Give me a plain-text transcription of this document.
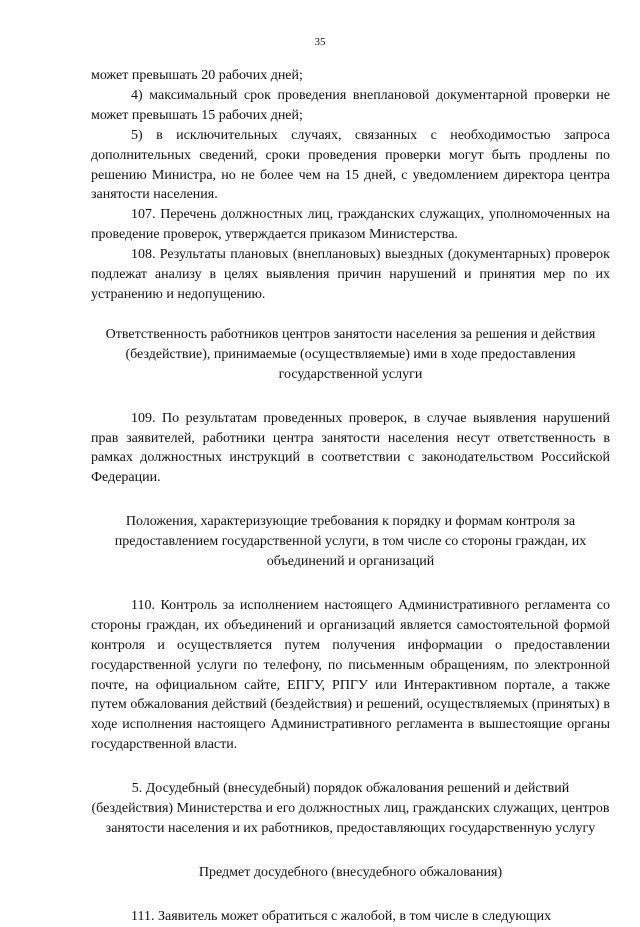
35

может превышать 20 рабочих дней;

4) максимальный срок проведения внеплановой документарной проверки не может превышать 15 рабочих дней;

5) в исключительных случаях, связанных с необходимостью запроса дополнительных сведений, сроки проведения проверки могут быть продлены по решению Министра, но не более чем на 15 дней, с уведомлением директора центра занятости населения.

107. Перечень должностных лиц, гражданских служащих, уполномоченных на проведение проверок, утверждается приказом Министерства.

108. Результаты плановых (внеплановых) выездных (документарных) проверок подлежат анализу в целях выявления причин нарушений и принятия мер по их устранению и недопущению.

Ответственность работников центров занятости населения за решения и действия (бездействие), принимаемые (осуществляемые) ими в ходе предоставления государственной услуги

109. По результатам проведенных проверок, в случае выявления нарушений прав заявителей, работники центра занятости населения несут ответственность в рамках должностных инструкций в соответствии с законодательством Российской Федерации.

Положения, характеризующие требования к порядку и формам контроля за предоставлением государственной услуги, в том числе со стороны граждан, их объединений и организаций

110. Контроль за исполнением настоящего Административного регламента со стороны граждан, их объединений и организаций является самостоятельной формой контроля и осуществляется путем получения информации о предоставлении государственной услуги по телефону, по письменным обращениям, по электронной почте, на официальном сайте, ЕПГУ, РПГУ или Интерактивном портале, а также путем обжалования действий (бездействия) и решений, осуществляемых (принятых) в ходе исполнения настоящего Административного регламента в вышестоящие органы государственной власти.

5. Досудебный (внесудебный) порядок обжалования решений и действий (бездействия) Министерства и его должностных лиц, гражданских служащих, центров занятости населения и их работников, предоставляющих государственную услугу
Предмет досудебного (внесудебного обжалования)

111. Заявитель может обратиться с жалобой, в том числе в следующих
